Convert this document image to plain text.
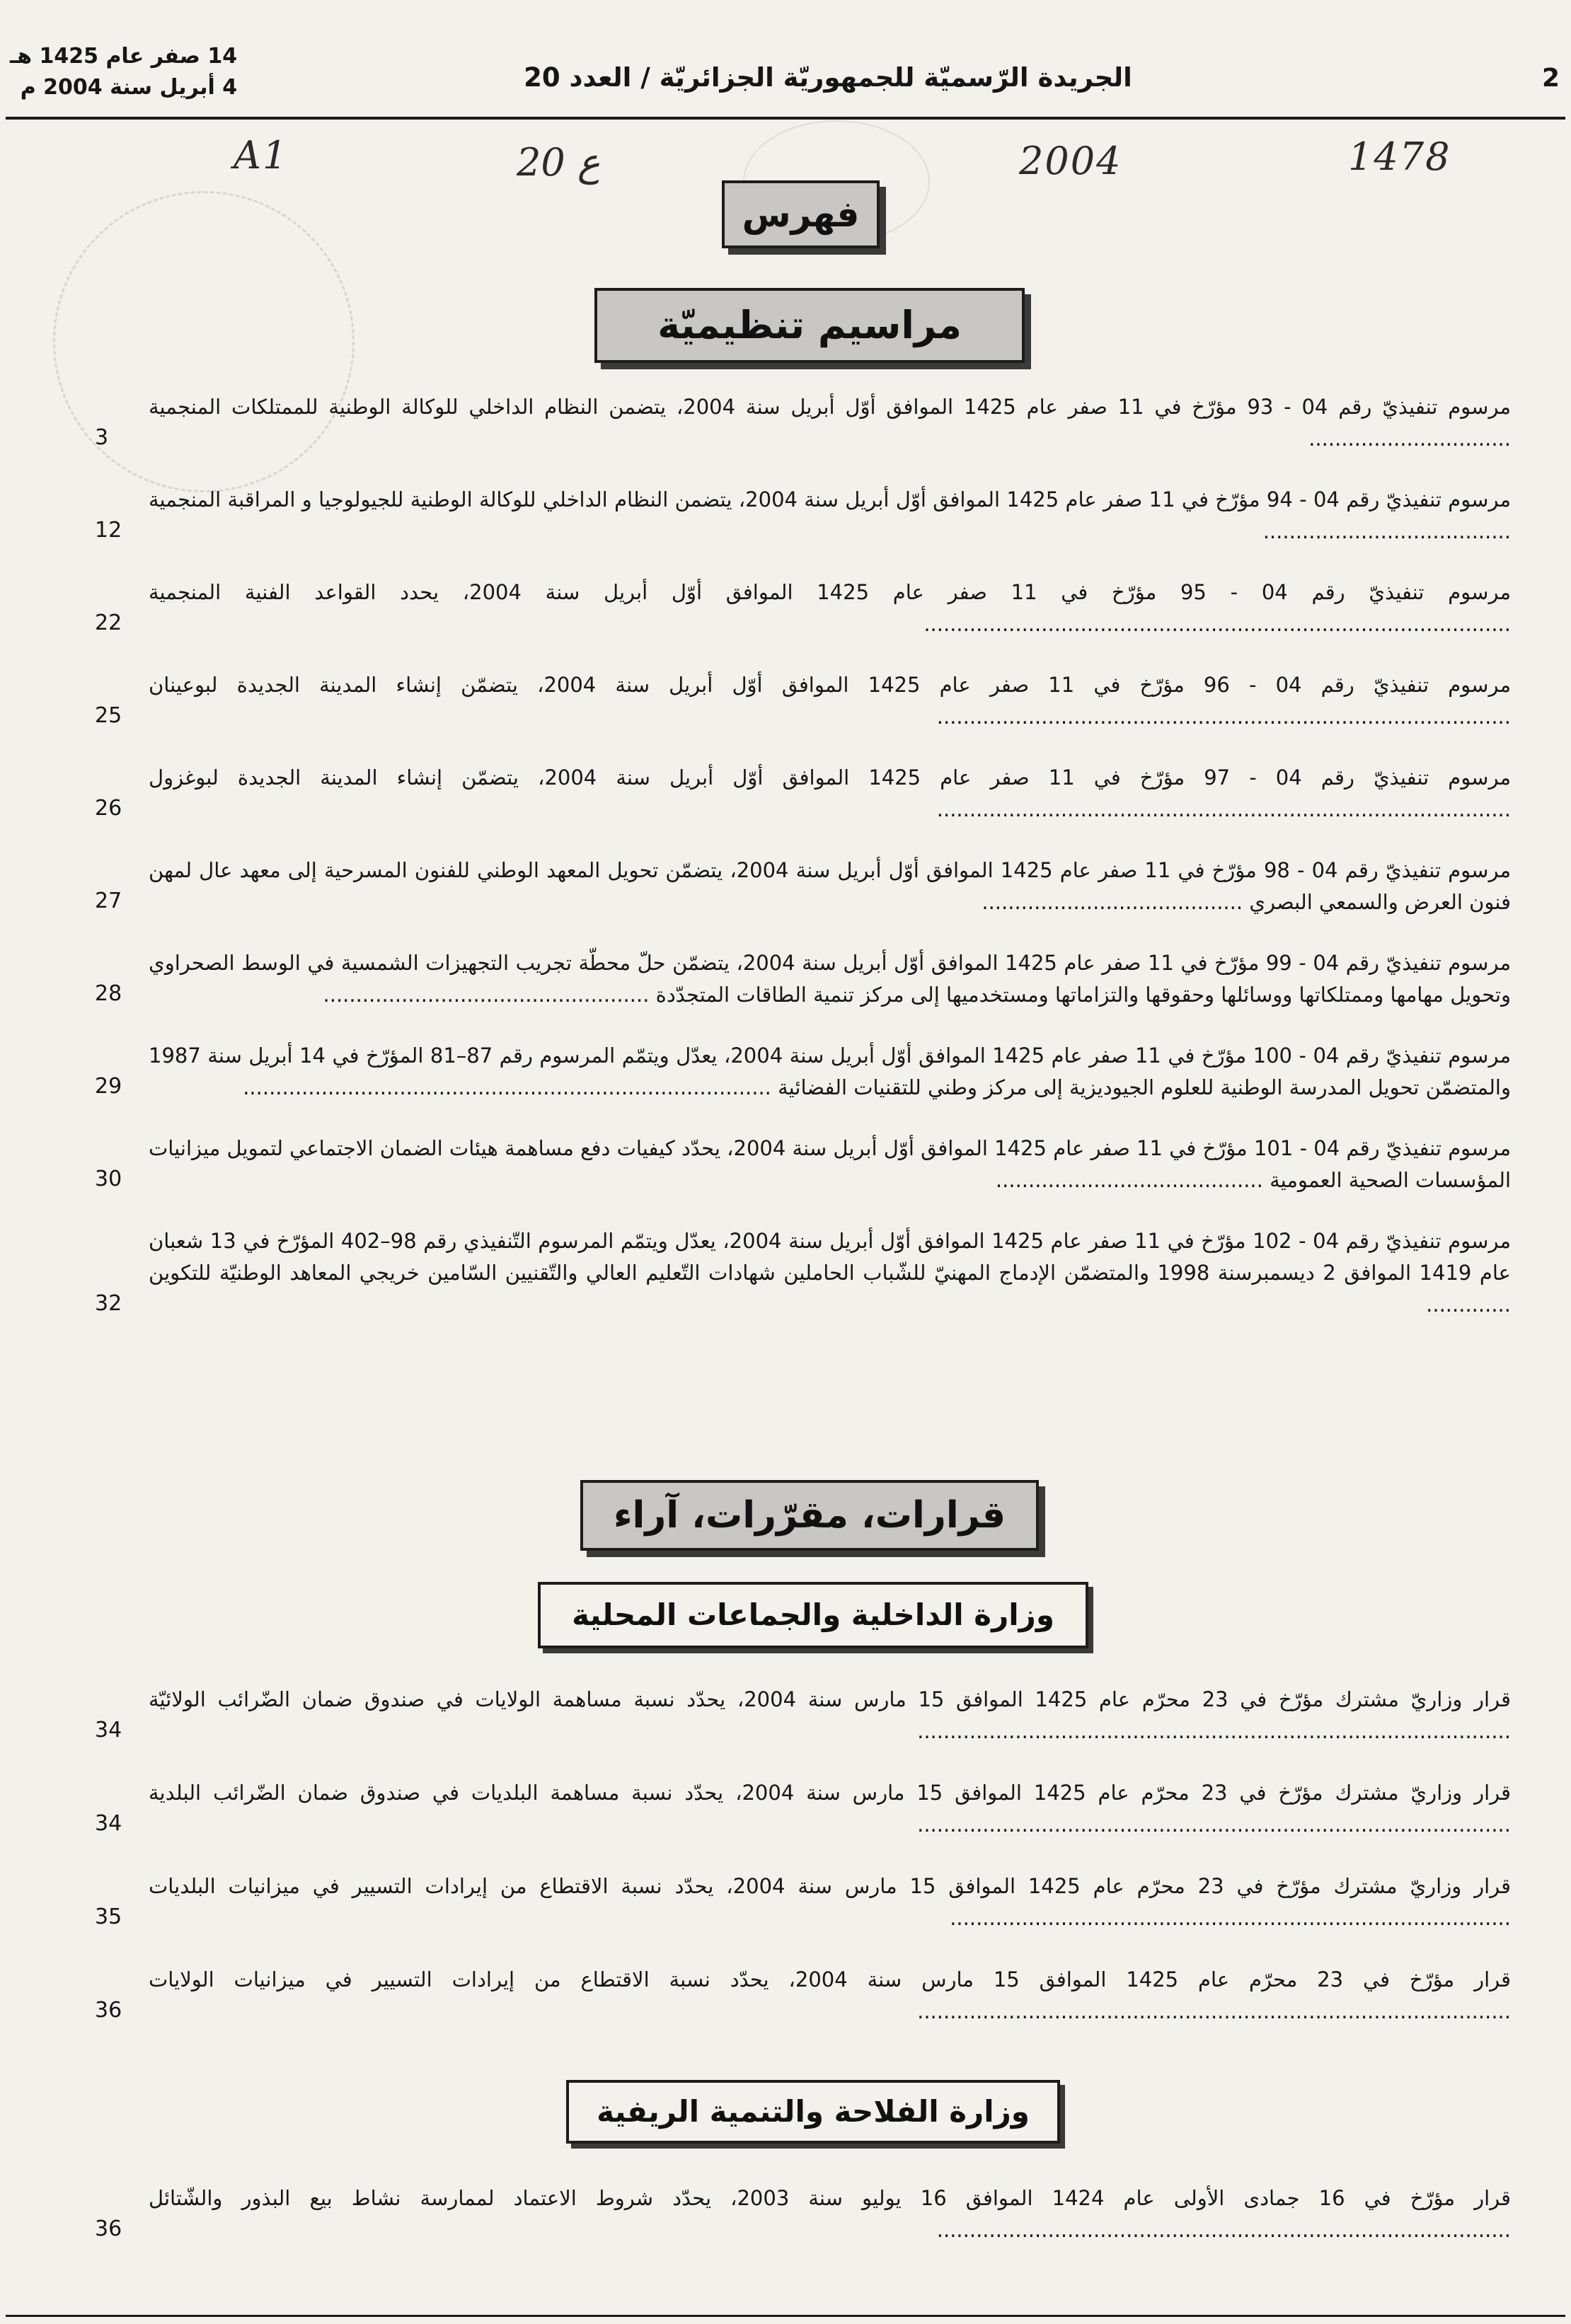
14 صفر عام 1425 هـ
4 أبريل سنة 2004 م	الجريدة الرّسميّة للجمهوريّة الجزائريّة / العدد 20	2
A1	20 ع	2004	1478
فهرس
مراسيم تنظيميّة
مرسوم تنفيذيّ رقم 04 - 93 مؤرّخ في 11 صفر عام 1425 الموافق أوّل أبريل سنة 2004، يتضمن النظام الداخلي للوكالة الوطنية للممتلكات المنجمية ...............................
3
مرسوم تنفيذيّ رقم 04 - 94 مؤرّخ في 11 صفر عام 1425 الموافق أوّل أبريل سنة 2004، يتضمن النظام الداخلي للوكالة الوطنية للجيولوجيا و المراقبة المنجمية ......................................
12
مرسوم تنفيذيّ رقم 04 - 95 مؤرّخ في 11 صفر عام 1425 الموافق أوّل أبريل سنة 2004، يحدد القواعد الفنية المنجمية ..........................................................................................
22
مرسوم تنفيذيّ رقم 04 - 96 مؤرّخ في 11 صفر عام 1425 الموافق أوّل أبريل سنة 2004، يتضمّن إنشاء المدينة الجديدة لبوعينان ........................................................................................
25
مرسوم تنفيذيّ رقم 04 - 97 مؤرّخ في 11 صفر عام 1425 الموافق أوّل أبريل سنة 2004، يتضمّن إنشاء المدينة الجديدة لبوغزول ........................................................................................
26
مرسوم تنفيذيّ رقم 04 - 98 مؤرّخ في 11 صفر عام 1425 الموافق أوّل أبريل سنة 2004، يتضمّن تحويل المعهد الوطني للفنون المسرحية إلى معهد عال لمهن فنون العرض والسمعي البصري ........................................
27
مرسوم تنفيذيّ رقم 04 - 99 مؤرّخ في 11 صفر عام 1425 الموافق أوّل أبريل سنة 2004، يتضمّن حلّ محطّة تجريب التجهيزات الشمسية في الوسط الصحراوي وتحويل مهامها وممتلكاتها ووسائلها وحقوقها والتزاماتها ومستخدميها إلى مركز تنمية الطاقات المتجدّدة ..................................................
28
مرسوم تنفيذيّ رقم 04 - 100 مؤرّخ في 11 صفر عام 1425 الموافق أوّل أبريل سنة 2004، يعدّل ويتمّم المرسوم رقم 87–81 المؤرّخ في 14 أبريل سنة 1987 والمتضمّن تحويل المدرسة الوطنية للعلوم الجيوديزية إلى مركز وطني للتقنيات الفضائية .................................................................................
29
مرسوم تنفيذيّ رقم 04 - 101 مؤرّخ في 11 صفر عام 1425 الموافق أوّل أبريل سنة 2004، يحدّد كيفيات دفع مساهمة هيئات الضمان الاجتماعي لتمويل ميزانيات المؤسسات الصحية العمومية .........................................
30
مرسوم تنفيذيّ رقم 04 - 102 مؤرّخ في 11 صفر عام 1425 الموافق أوّل أبريل سنة 2004، يعدّل ويتمّم المرسوم التّنفيذي رقم 98–402 المؤرّخ في 13 شعبان عام 1419 الموافق 2 ديسمبرسنة 1998 والمتضمّن الإدماج المهنيّ للشّباب الحاملين شهادات التّعليم العالي والتّقنيين السّامين خريجي المعاهد الوطنيّة للتكوين .............
32
قرارات، مقرّرات، آراء
وزارة الداخلية والجماعات المحلية
قرار وزاريّ مشترك مؤرّخ في 23 محرّم عام 1425 الموافق 15 مارس سنة 2004، يحدّد نسبة مساهمة الولايات في صندوق ضمان الضّرائب الولائيّة ...........................................................................................
34
قرار وزاريّ مشترك مؤرّخ في 23 محرّم عام 1425 الموافق 15 مارس سنة 2004، يحدّد نسبة مساهمة البلديات في صندوق ضمان الضّرائب البلدية ...........................................................................................
34
قرار وزاريّ مشترك مؤرّخ في 23 محرّم عام 1425 الموافق 15 مارس سنة 2004، يحدّد نسبة الاقتطاع من إيرادات التسيير في ميزانيات البلديات ......................................................................................
35
قرار مؤرّخ في 23 محرّم عام 1425 الموافق 15 مارس سنة 2004، يحدّد نسبة الاقتطاع من إيرادات التسيير في ميزانيات الولايات ...........................................................................................
36
وزارة الفلاحة والتنمية الريفية
قرار مؤرّخ في 16 جمادى الأولى عام 1424 الموافق 16 يوليو سنة 2003، يحدّد شروط الاعتماد لممارسة نشاط بيع البذور والشّتائل ........................................................................................
36
